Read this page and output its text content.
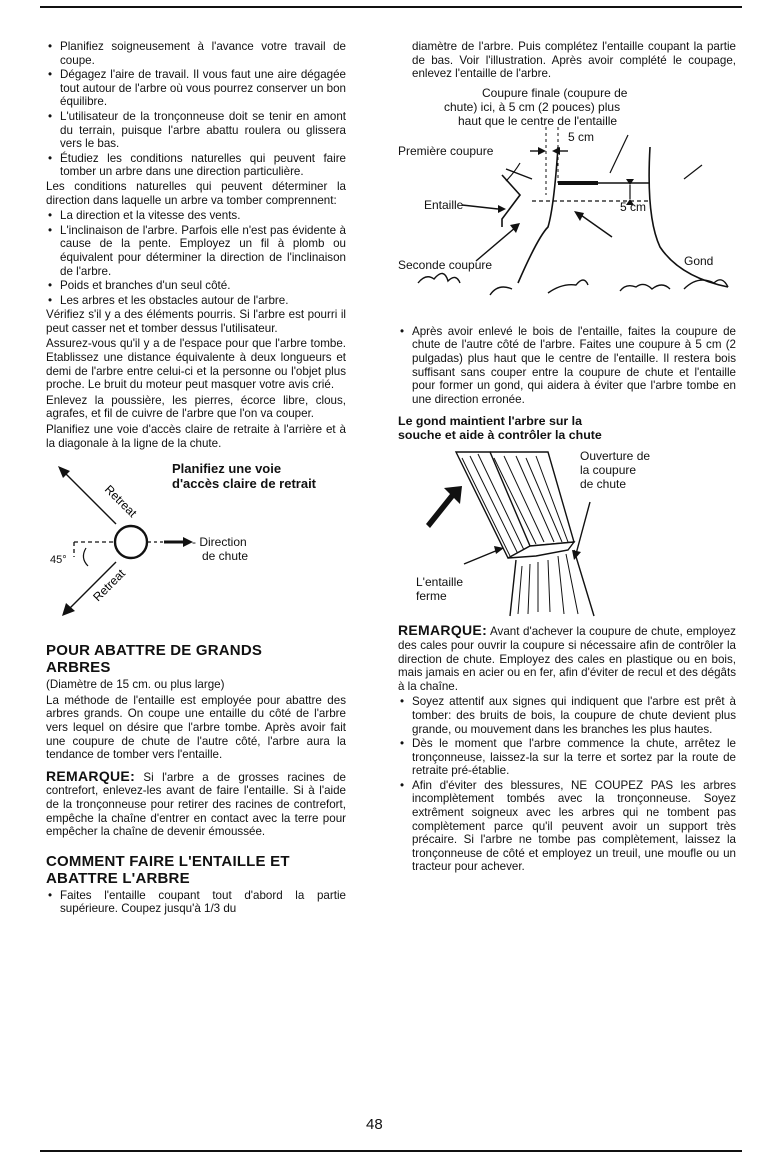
• Planifiez soigneusement à l'avance votre travail de coupe.
• Dégagez l'aire de travail. Il vous faut une aire dégagée tout autour de l'arbre où vous pourrez conserver un bon équilibre.
• L'utilisateur de la tronçonneuse doit se tenir en amont du terrain, puisque l'arbre abattu roulera ou glissera vers le bas.
• Étudiez les conditions naturelles qui peuvent faire tomber un arbre dans une direction particulière.

Les conditions naturelles qui peuvent déterminer la direction dans laquelle un arbre va tomber comprennent:

• La direction et la vitesse des vents.
• L'inclinaison de l'arbre. Parfois elle n'est pas évidente à cause de la pente. Employez un fil à plomb ou équivalent pour déterminer la direction de l'inclinaison de l'arbre.
• Poids et branches d'un seul côté.
• Les arbres et les obstacles autour de l'arbre.

Vérifiez s'il y a des éléments pourris. Si l'arbre est pourri il peut casser net et tomber dessus l'utilisateur.

Assurez-vous qu'il y a de l'espace pour que l'arbre tombe. Etablissez une distance équivalente à deux longueurs et demi de l'arbre entre celui-ci et la personne ou l'objet plus proche. Le bruit du moteur peut masquer votre avis crié.

Enlevez la poussière, les pierres, écorce libre, clous, agrafes, et fil de cuivre de l'arbre que l'on va couper.

Planifiez une voie d'accès claire de retraite à l'arrière et à la diagonale à la ligne de la chute.

Retreat
Retreat
Planifiez une voie
d'accès claire de retrait
- Direction
de chute
45°
POUR ABATTRE DE GRANDS
ARBRES

(Diamètre de 15 cm. ou plus large)

La méthode de l'entaille est employée pour abattre des arbres grands. On coupe une entaille du côté de l'arbre vers lequel on désire que l'arbre tombe. Après avoir fait une coupure de chute de l'autre côté, l'arbre aura la tendance de tomber vers l'entaille.

REMARQUE: Si l'arbre a de grosses racines de contrefort, enlevez-les avant de faire l'entaille. Si à l'aide de la tronçonneuse pour retirer des racines de contrefort, empêche la chaîne d'entrer en contact avec la terre pour empêcher la chaîne de devenir émoussée.

COMMENT FAIRE L'ENTAILLE ET
ABATTRE L'ARBRE
• Faites l'entaille coupant tout d'abord la partie supérieure. Coupez jusqu'à 1/3 du

diamètre de l'arbre. Puis complétez l'entaille coupant la partie de bas. Voir l'illustration. Après avoir complété le coupage, enlevez l'entaille de l'arbre.

Coupure finale (coupure de
chute) ici, à 5 cm (2 pouces) plus
haut que le centre de l'entaille
5 cm
Première coupure
Entaille	5 cm
Seconde coupure	Gond
• Après avoir enlevé le bois de l'entaille, faites la coupure de chute de l'autre côté de l'arbre. Faites une coupure à 5 cm (2 pulgadas) plus haut que le centre de l'entaille. Il restera bois suffisant sans couper entre la coupure de chute et l'entaille pour former un gond, qui aidera à éviter que l'arbre tombe en une direction erronée.
Le gond maintient l'arbre sur la
souche et aide à contrôler la chute
Ouverture de
la coupure
de chute
L'entaille
ferme

REMARQUE: Avant d'achever la coupure de chute, employez des cales pour ouvrir la coupure si nécessaire afin de contrôler la direction de chute. Employez des cales en plastique ou en bois, mais jamais en acier ou en fer, afin d'éviter de recul et des dégâts à la chaîne.

• Soyez attentif aux signes qui indiquent que l'arbre est prêt à tomber: des bruits de bois, la coupure de chute devient plus grande, ou mouvement dans les branches les plus hautes.
• Dès le moment que l'arbre commence la chute, arrêtez le tronçonneuse, laissez-la sur la terre et sortez par la route de retraite pré-établie.
• Afin d'éviter des blessures, NE COUPEZ PAS les arbres incomplètement tombés avec la tronçonneuse. Soyez extrêment soigneux avec les arbres qui ne tombent pas complètement parce qu'il peuvent avoir un support très précaire. Si l'arbre ne tombe pas complètement, laissez la tronçonneuse de côté et employez un treuil, une moufle ou un tracteur pour achever.
48
